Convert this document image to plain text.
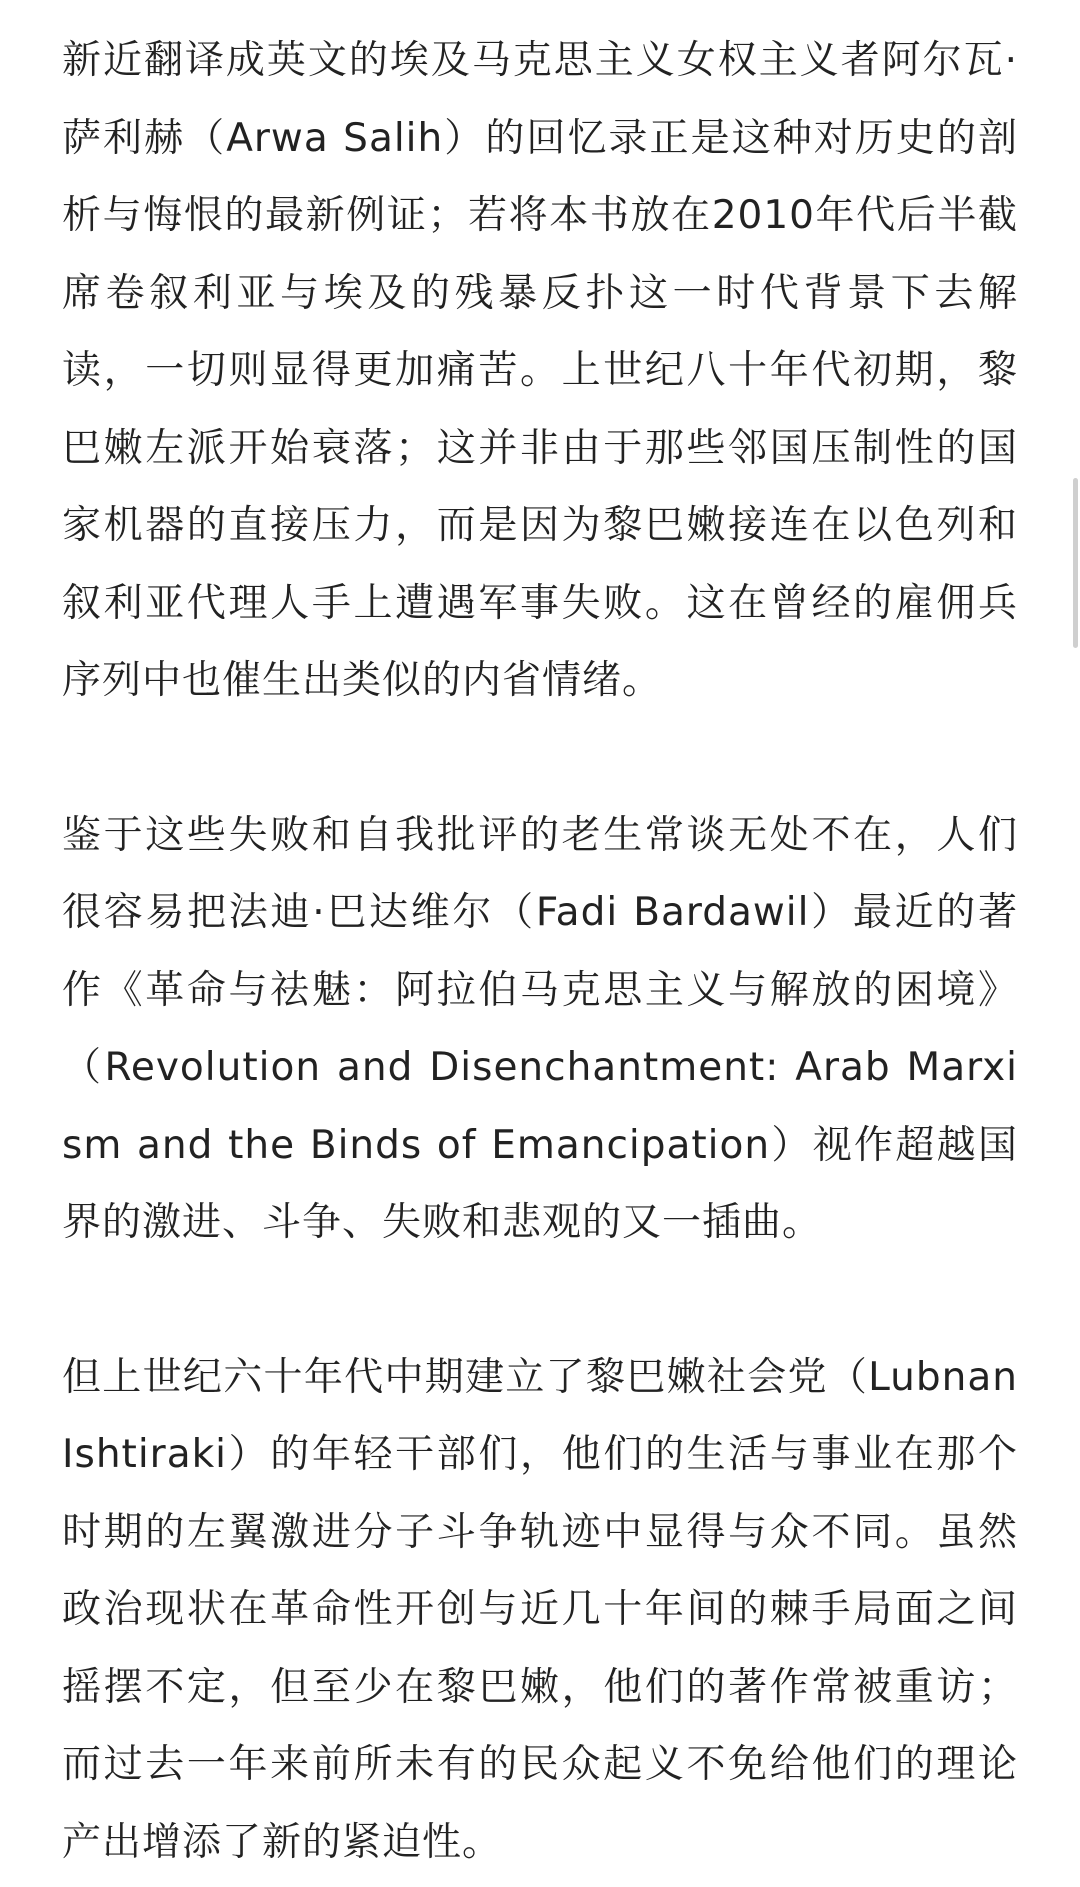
新近翻译成英文的埃及马克思主义女权主义者阿尔瓦·萨利赫（Arwa Salih）的回忆录正是这种对历史的剖析与悔恨的最新例证；若将本书放在2010年代后半截席卷叙利亚与埃及的残暴反扑这一时代背景下去解读，一切则显得更加痛苦。上世纪八十年代初期，黎巴嫩左派开始衰落；这并非由于那些邻国压制性的国家机器的直接压力，而是因为黎巴嫩接连在以色列和叙利亚代理人手上遭遇军事失败。这在曾经的雇佣兵序列中也催生出类似的内省情绪。

鉴于这些失败和自我批评的老生常谈无处不在，人们很容易把法迪·巴达维尔（Fadi Bardawil）最近的著作《革命与祛魅：阿拉伯马克思主义与解放的困境》（Revolution and Disenchantment: Arab Marxism and the Binds of Emancipation）视作超越国界的激进、斗争、失败和悲观的又一插曲。

但上世纪六十年代中期建立了黎巴嫩社会党（Lubnan Ishtiraki）的年轻干部们，他们的生活与事业在那个时期的左翼激进分子斗争轨迹中显得与众不同。虽然政治现状在革命性开创与近几十年间的棘手局面之间摇摆不定，但至少在黎巴嫩，他们的著作常被重访；而过去一年来前所未有的民众起义不免给他们的理论产出增添了新的紧迫性。
